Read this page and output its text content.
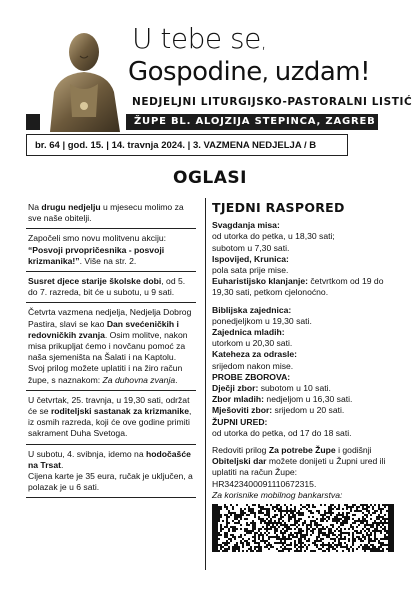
U tebe se,
Gospodine, uzdam!
NEDJELJNI LITURGIJSKO-PASTORALNI LISTIĆ
ŽUPE BL. ALOJZIJA STEPINCA, ZAGREB
br. 64 | god. 15. | 14. travnja 2024. | 3. VAZMENA NEDJELJA / B
OGLASI
Na drugu nedjelju u mjesecu molimo za sve naše obitelji.
Započeli smo novu molitvenu akciju: “Posvoji prvopričesnika - posvoji krizmanika!”. Više na str. 2.
Susret djece starije školske dobi, od 5. do 7. razreda, bit će u subotu, u 9 sati.
Četvrta vazmena nedjelja, Nedjelja Dobrog Pastira, slavi se kao Dan svećeničkih i redovničkih zvanja. Osim molitve, nakon misa prikupljat ćemo i novčanu pomoć za naša sjemeništa na Šalati i na Kaptolu. Svoj prilog možete uplatiti i na žiro račun župe, s naznakom: Za duhovna zvanja.
U četvrtak, 25. travnja, u 19,30 sati, održat će se roditeljski sastanak za krizmanike, iz osmih razreda, koji će ove godine primiti sakrament Duha Svetoga.
U subotu, 4. svibnja, idemo na hodočašće na Trsat.
Cijena karte je 35 eura, ručak je uključen, a polazak je u 6 sati.
TJEDNI RASPORED
Svagdanja misa:
od utorka do petka, u 18,30 sati;
subotom u 7,30 sati.
Ispovijed, Krunica:
pola sata prije mise.
Euharistijsko klanjanje: četvrtkom od 19 do 19,30 sati, petkom cjelonoćno.
Biblijska zajednica:
ponedjeljkom u 19,30 sati.
Zajednica mladih:
utorkom u 20,30 sati.
Kateheza za odrasle:
srijedom nakon mise.
PROBE ZBOROVA:
Dječji zbor: subotom u 10 sati.
Zbor mladih: nedjeljom u 16,30 sati.
Mješoviti zbor: srijedom u 20 sati.
ŽUPNI URED:
od utorka do petka, od 17 do 18 sati.
Redoviti prilog Za potrebe Župe i godišnji Obiteljski dar možete donijeti u Župni ured ili uplatiti na račun Župe: HR3423400091110672315.
Za korisnike mobilnog bankarstva:
